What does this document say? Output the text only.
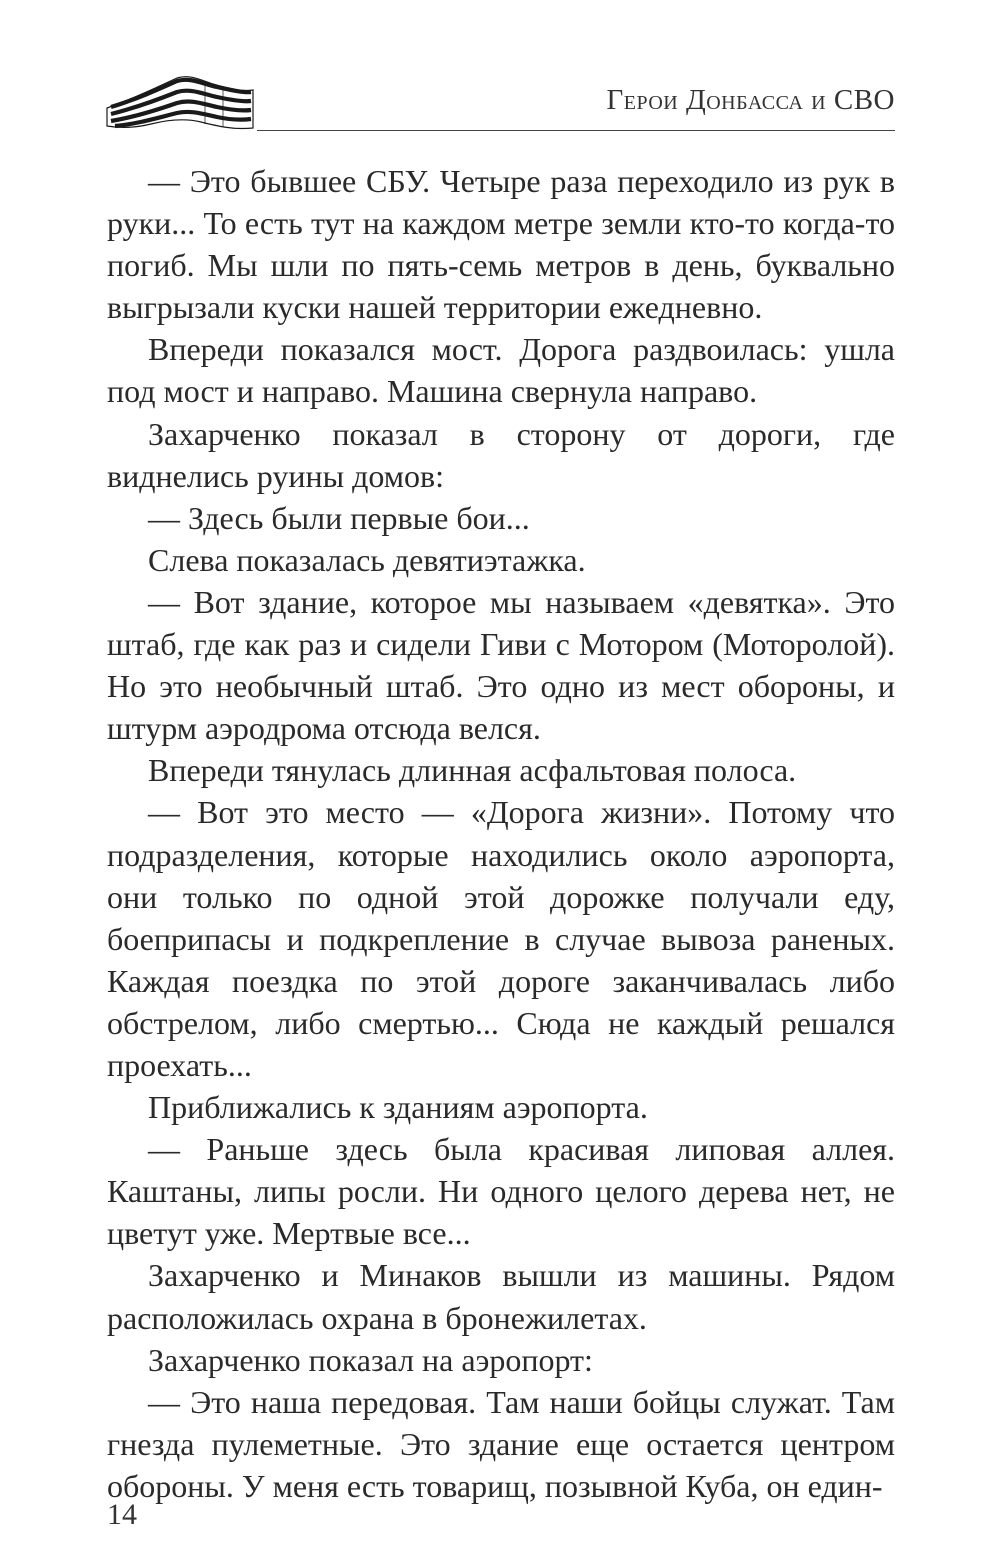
Герои Донбасса и СВО

— Это бывшее СБУ. Четыре раза переходило из рук в руки... То есть тут на каждом метре земли кто-то когда-то погиб. Мы шли по пять-семь метров в день, буквально выгрызали куски нашей территории ежедневно.

Впереди показался мост. Дорога раздвоилась: ушла под мост и направо. Машина свернула направо.

Захарченко показал в сторону от дороги, где виднелись руины домов:

— Здесь были первые бои...

Слева показалась девятиэтажка.

— Вот здание, которое мы называем «девятка». Это штаб, где как раз и сидели Гиви с Мотором (Моторолой). Но это необычный штаб. Это одно из мест обороны, и штурм аэродрома отсюда велся.

Впереди тянулась длинная асфальтовая полоса.

— Вот это место — «Дорога жизни». Потому что подразделения, которые находились около аэропорта, они только по одной этой дорожке получали еду, боеприпасы и подкрепление в случае вывоза раненых. Каждая поездка по этой дороге заканчивалась либо обстрелом, либо смертью... Сюда не каждый решался проехать...

Приближались к зданиям аэропорта.

— Раньше здесь была красивая липовая аллея. Каштаны, липы росли. Ни одного целого дерева нет, не цветут уже. Мертвые все...

Захарченко и Минаков вышли из машины. Рядом расположилась охрана в бронежилетах.

Захарченко показал на аэропорт:

— Это наша передовая. Там наши бойцы служат. Там гнезда пулеметные. Это здание еще остается центром обороны. У меня есть товарищ, позывной Куба, он един-

14
